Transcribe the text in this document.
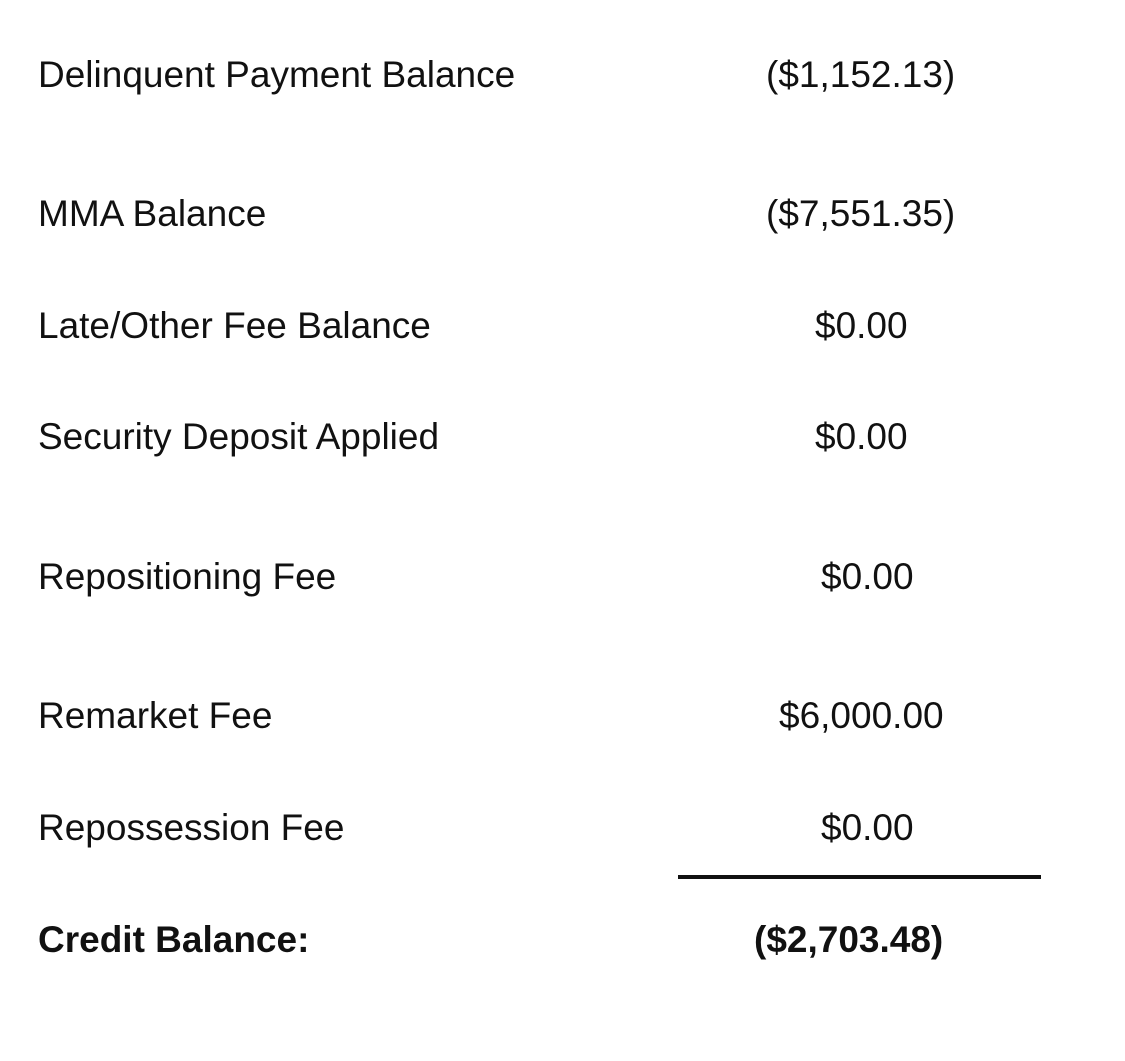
Delinquent Payment Balance	($1,152.13)
MMA Balance	($7,551.35)
Late/Other Fee Balance	$0.00
Security Deposit Applied	$0.00
Repositioning Fee	$0.00
Remarket Fee	$6,000.00
Repossession Fee	$0.00
Credit Balance:	($2,703.48)
